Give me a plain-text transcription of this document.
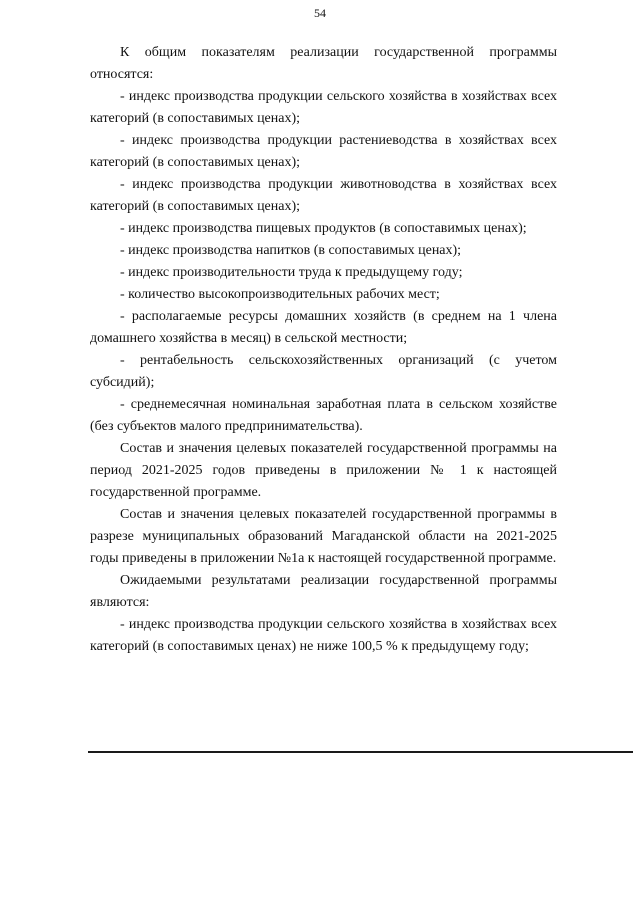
54

К общим показателям реализации государственной программы относятся:

- индекс производства продукции сельского хозяйства в хозяйствах всех категорий (в сопоставимых ценах);

- индекс производства продукции растениеводства в хозяйствах всех категорий (в сопоставимых ценах);

- индекс производства продукции животноводства в хозяйствах всех категорий (в сопоставимых ценах);

- индекс производства пищевых продуктов (в сопоставимых ценах);

- индекс производства напитков (в сопоставимых ценах);

- индекс производительности труда к предыдущему году;

- количество высокопроизводительных рабочих мест;

- располагаемые ресурсы домашних хозяйств (в среднем на 1 члена домашнего хозяйства в месяц) в сельской местности;

- рентабельность сельскохозяйственных организаций (с учетом субсидий);

- среднемесячная номинальная заработная плата в сельском хозяйстве (без субъектов малого предпринимательства).

Состав и значения целевых показателей государственной программы на период 2021-2025 годов приведены в приложении № 1 к настоящей государственной программе.

Состав и значения целевых показателей государственной программы в разрезе муниципальных образований Магаданской области на 2021-2025 годы приведены в приложении №1а к настоящей государственной программе.

Ожидаемыми результатами реализации государственной программы являются:

- индекс производства продукции сельского хозяйства в хозяйствах всех категорий (в сопоставимых ценах) не ниже 100,5 % к предыдущему году;
